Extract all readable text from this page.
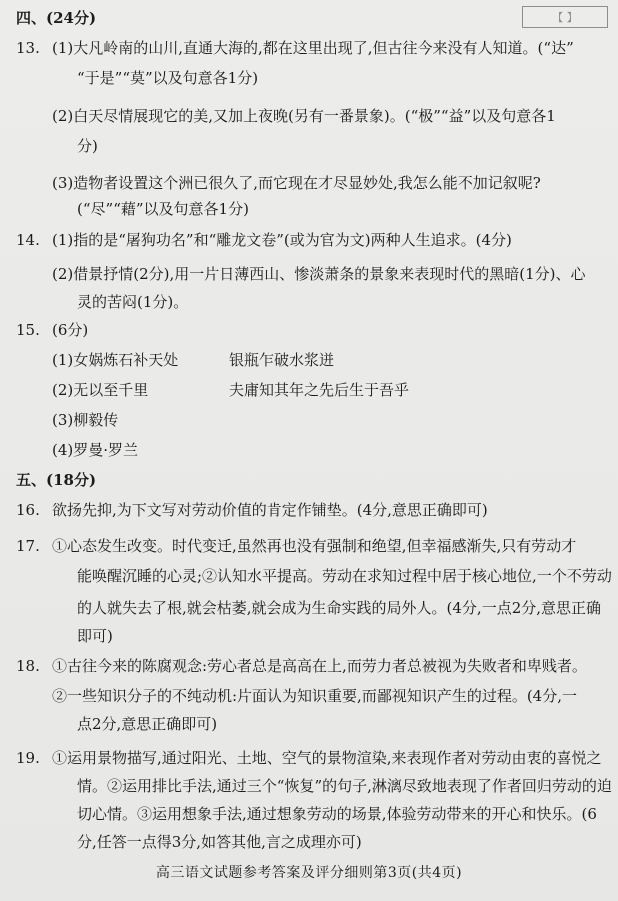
【 】
四、(24分)
13. (1)大凡岭南的山川,直通大海的,都在这里出现了,但古往今来没有人知道。(“达”
“于是”“莫”以及句意各1分)
(2)白天尽情展现它的美,又加上夜晚(另有一番景象)。(“极”“益”以及句意各1
分)
(3)造物者设置这个洲已很久了,而它现在才尽显妙处,我怎么能不加记叙呢?
(“尽”“藉”以及句意各1分)
14. (1)指的是“屠狗功名”和“雕龙文卷”(或为官为文)两种人生追求。(4分)
(2)借景抒情(2分),用一片日薄西山、惨淡萧条的景象来表现时代的黑暗(1分)、心
灵的苦闷(1分)。
15. (6分)
(1)女娲炼石补天处	银瓶乍破水浆迸
(2)无以至千里	夫庸知其年之先后生于吾乎
(3)柳毅传
(4)罗曼·罗兰
五、(18分)
16. 欲扬先抑,为下文写对劳动价值的肯定作铺垫。(4分,意思正确即可)
17. ①心态发生改变。时代变迁,虽然再也没有强制和绝望,但幸福感渐失,只有劳动才
能唤醒沉睡的心灵;②认知水平提高。劳动在求知过程中居于核心地位,一个不劳动
的人就失去了根,就会枯萎,就会成为生命实践的局外人。(4分,一点2分,意思正确
即可)
18. ①古往今来的陈腐观念:劳心者总是高高在上,而劳力者总被视为失败者和卑贱者。
②一些知识分子的不纯动机:片面认为知识重要,而鄙视知识产生的过程。(4分,一
点2分,意思正确即可)
19. ①运用景物描写,通过阳光、土地、空气的景物渲染,来表现作者对劳动由衷的喜悦之
情。②运用排比手法,通过三个“恢复”的句子,淋漓尽致地表现了作者回归劳动的迫
切心情。③运用想象手法,通过想象劳动的场景,体验劳动带来的开心和快乐。(6
分,任答一点得3分,如答其他,言之成理亦可)
高三语文试题参考答案及评分细则第3页(共4页)
